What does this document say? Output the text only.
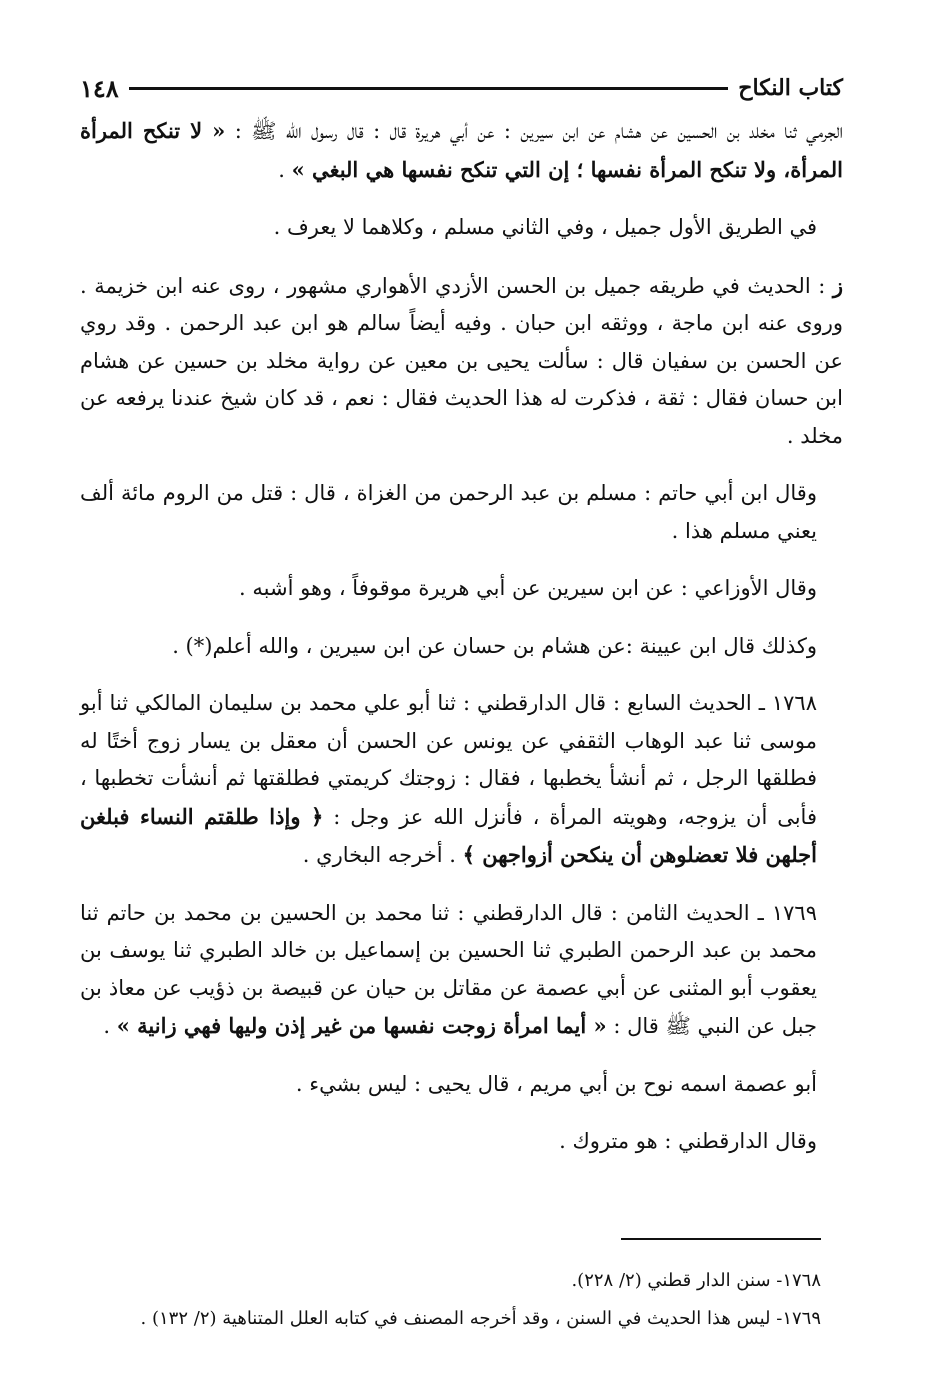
كتاب النكاح
١٤٨

الجرمي ثنا مخلد بن الحسين عن هشام عن ابن سيرين : عن أبي هريرة قال : قال رسول الله ﷺ : « لا تنكح المرأة المرأة، ولا تنكح المرأة نفسها ؛ إن التي تنكح نفسها هي البغي » .

في الطريق الأول جميل ، وفي الثاني مسلم ، وكلاهما لا يعرف .

ز : الحديث في طريقه جميل بن الحسن الأزدي الأهواري مشهور ، روى عنه ابن خزيمة . وروى عنه ابن ماجة ، ووثقه ابن حبان . وفيه أيضاً سالم هو ابن عبد الرحمن . وقد روي عن الحسن بن سفيان قال : سألت يحيى بن معين عن رواية مخلد بن حسين عن هشام ابن حسان فقال : ثقة ، فذكرت له هذا الحديث فقال : نعم ، قد كان شيخ عندنا يرفعه عن مخلد .

وقال ابن أبي حاتم : مسلم بن عبد الرحمن من الغزاة ، قال : قتل من الروم مائة ألف يعني مسلم هذا .

وقال الأوزاعي : عن ابن سيرين عن أبي هريرة موقوفاً ، وهو أشبه .

وكذلك قال ابن عيينة :عن هشام بن حسان عن ابن سيرين ، والله أعلم(*) .

١٧٦٨ ـ الحديث السابع : قال الدارقطني : ثنا أبو علي محمد بن سليمان المالكي ثنا أبو موسى ثنا عبد الوهاب الثقفي عن يونس عن الحسن أن معقل بن يسار زوج أختًا له فطلقها الرجل ، ثم أنشأ يخطبها ، فقال : زوجتك كريمتي فطلقتها ثم أنشأت تخطبها ، فأبى أن يزوجه، وهويته المرأة ، فأنزل الله عز وجل : ﴿ وإذا طلقتم النساء فبلغن أجلهن فلا تعضلوهن أن ينكحن أزواجهن ﴾ . أخرجه البخاري .

١٧٦٩ ـ الحديث الثامن : قال الدارقطني : ثنا محمد بن الحسين بن محمد بن حاتم ثنا محمد بن عبد الرحمن الطبري ثنا الحسين بن إسماعيل بن خالد الطبري ثنا يوسف بن يعقوب أبو المثنى عن أبي عصمة عن مقاتل بن حيان عن قبيصة بن ذؤيب عن معاذ بن جبل عن النبي ﷺ قال : « أيما امرأة زوجت نفسها من غير إذن وليها فهي زانية » .

أبو عصمة اسمه نوح بن أبي مريم ، قال يحيى : ليس بشيء .

وقال الدارقطني : هو متروك .

١٧٦٨- سنن الدار قطني (٢/ ٢٢٨).
١٧٦٩- ليس هذا الحديث في السنن ، وقد أخرجه المصنف في كتابه العلل المتناهية (٢/ ١٣٢) .
